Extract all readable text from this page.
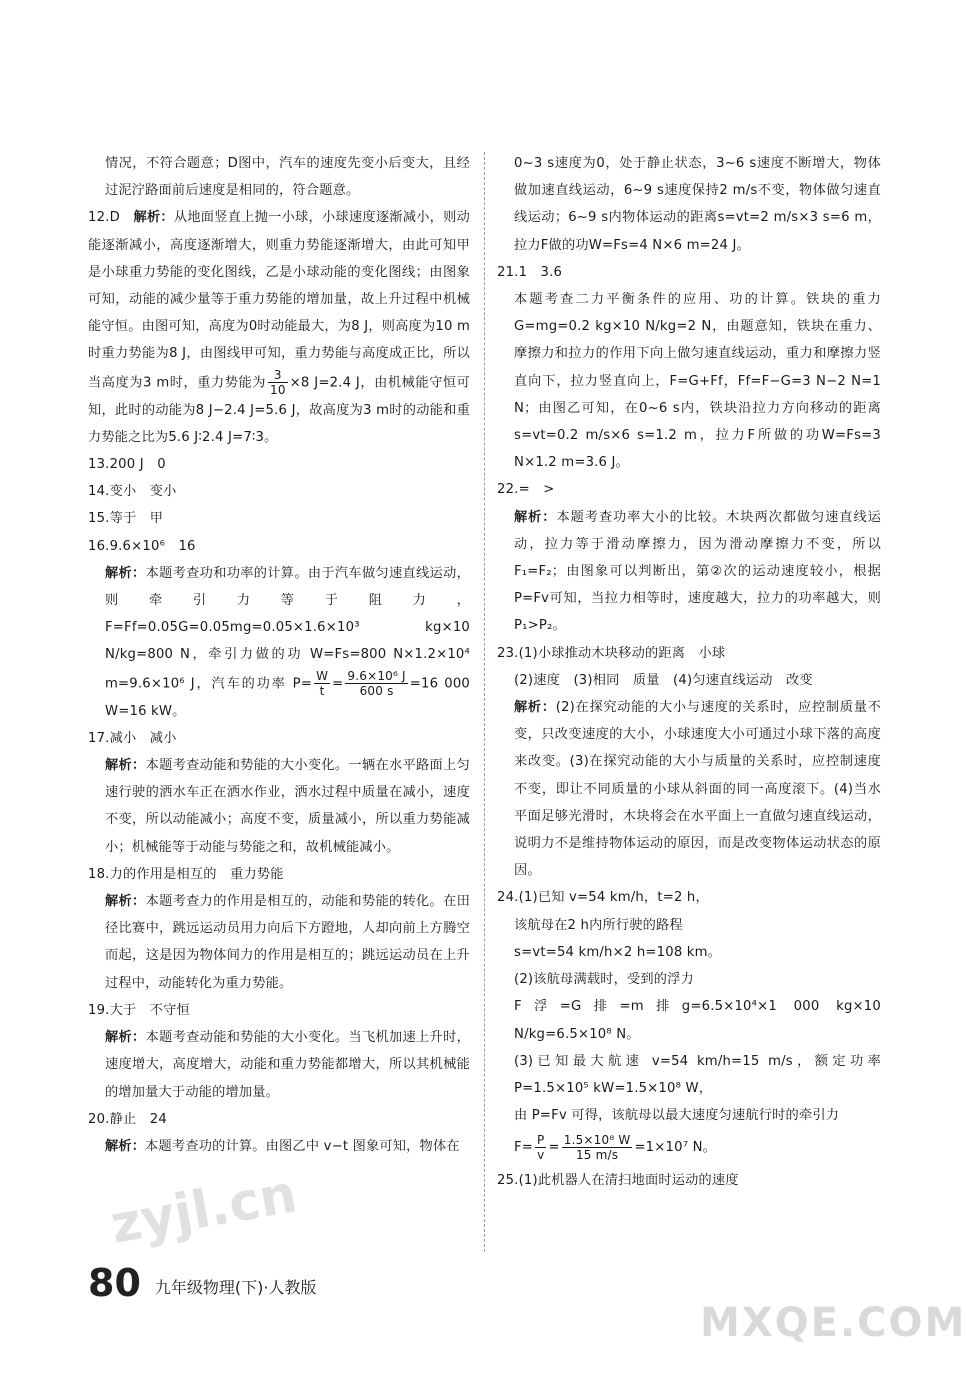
情况，不符合题意；D图中，汽车的速度先变小后变大，且经过泥泞路面前后速度是相同的，符合题意。

12.D　 解析：从地面竖直上抛一小球，小球速度逐渐减小，则动能逐渐减小，高度逐渐增大，则重力势能逐渐增大，由此可知甲是小球重力势能的变化图线，乙是小球动能的变化图线；由图象可知，动能的减少量等于重力势能的增加量，故上升过程中机械能守恒。由图可知，高度为0时动能最大，为8 J，则高度为10 m时重力势能为8 J，由图线甲可知，重力势能与高度成正比，所以当高度为3 m时，重力势能为 $\frac{3}{10} \times 8$ J=2.4 J，由机械能守恒可知，此时的动能为8 J−2.4 J=5.6 J，故高度为3 m时的动能和重力势能之比为5.6 J∶2.4 J=7∶3。

13.200 J　0

14.变小　变小

15.等于　甲

16.9.6×10⁶　16

解析：本题考查功和功率的计算。由于汽车做匀速直线运动，则牵引力等于阻力，F=Ff=0.05G=0.05mg=0.05×1.6×10³ kg×10 N/kg=800 N，牵引力做的功 W=Fs=800 N×1.2×10⁴ m=9.6×10⁶ J，汽车的功率 $P= \frac{W}{t} = \frac{\text{9.6×10⁶ J}}{600 s} =16$ 000 W=16 kW。

17.减小　减小

解析：本题考查动能和势能的大小变化。一辆在水平路面上匀速行驶的洒水车正在洒水作业，洒水过程中质量在减小，速度不变，所以动能减小；高度不变，质量减小，所以重力势能减小；机械能等于动能与势能之和，故机械能减小。

18.力的作用是相互的　重力势能

解析：本题考查力的作用是相互的，动能和势能的转化。在田径比赛中，跳远运动员用力向后下方蹬地，人却向前上方腾空而起，这是因为物体间力的作用是相互的；跳远运动员在上升过程中，动能转化为重力势能。

19.大于　不守恒

解析：本题考查动能和势能的大小变化。当飞机加速上升时，速度增大，高度增大，动能和重力势能都增大，所以其机械能的增加量大于动能的增加量。

20.静止　24

解析：本题考查功的计算。由图乙中 v−t 图象可知，物体在

0~3 s速度为0，处于静止状态，3~6 s速度不断增大，物体做加速直线运动，6~9 s速度保持2 m/s不变，物体做匀速直线运动；6~9 s内物体运动的距离s=vt=2 m/s×3 s=6 m，拉力F做的功W=Fs=4 N×6 m=24 J。

21.1　3.6

本题考查二力平衡条件的应用、功的计算。铁块的重力G=mg=0.2 kg×10 N/kg=2 N，由题意知，铁块在重力、摩擦力和拉力的作用下向上做匀速直线运动，重力和摩擦力竖直向下，拉力竖直向上，F=G+Ff，Ff=F−G=3 N−2 N=1 N；由图乙可知，在0~6 s内，铁块沿拉力方向移动的距离s=vt=0.2 m/s×6 s=1.2 m，拉力F所做的功W=Fs=3 N×1.2 m=3.6 J。

22.=　>

解析：本题考查功率大小的比较。木块两次都做匀速直线运动，拉力等于滑动摩擦力，因为滑动摩擦力不变，所以F₁=F₂；由图象可以判断出，第②次的运动速度较小，根据P=Fv可知，当拉力相等时，速度越大，拉力的功率越大，则P₁>P₂。

23.(1)小球推动木块移动的距离　小球

(2)速度　(3)相同　质量　(4)匀速直线运动　改变

解析：(2)在探究动能的大小与速度的关系时，应控制质量不变，只改变速度的大小，小球速度大小可通过小球下落的高度来改变。(3)在探究动能的大小与质量的关系时，应控制速度不变，即让不同质量的小球从斜面的同一高度滚下。(4)当水平面足够光滑时，木块将会在水平面上一直做匀速直线运动，说明力不是维持物体运动的原因，而是改变物体运动状态的原因。

24.(1)已知 v=54 km/h，t=2 h，

该航母在2 h内所行驶的路程

s=vt=54 km/h×2 h=108 km。

(2)该航母满载时，受到的浮力

F浮=G排=m排g=6.5×10⁴×1 000 kg×10 N/kg=6.5×10⁸ N。

(3)已知最大航速 v=54 km/h=15 m/s，额定功率 P=1.5×10⁵ kW=1.5×10⁸ W，

由 P=Fv 可得，该航母以最大速度匀速航行时的牵引力

$F= \frac{P}{v} = \frac{\text{1.5×10⁸ W}}{15 m/s} =1\times 10^7$ N。

25.(1)此机器人在清扫地面时运动的速度

80 九年级物理(下)·人教版
zyjl.cn
MXQE.COM
